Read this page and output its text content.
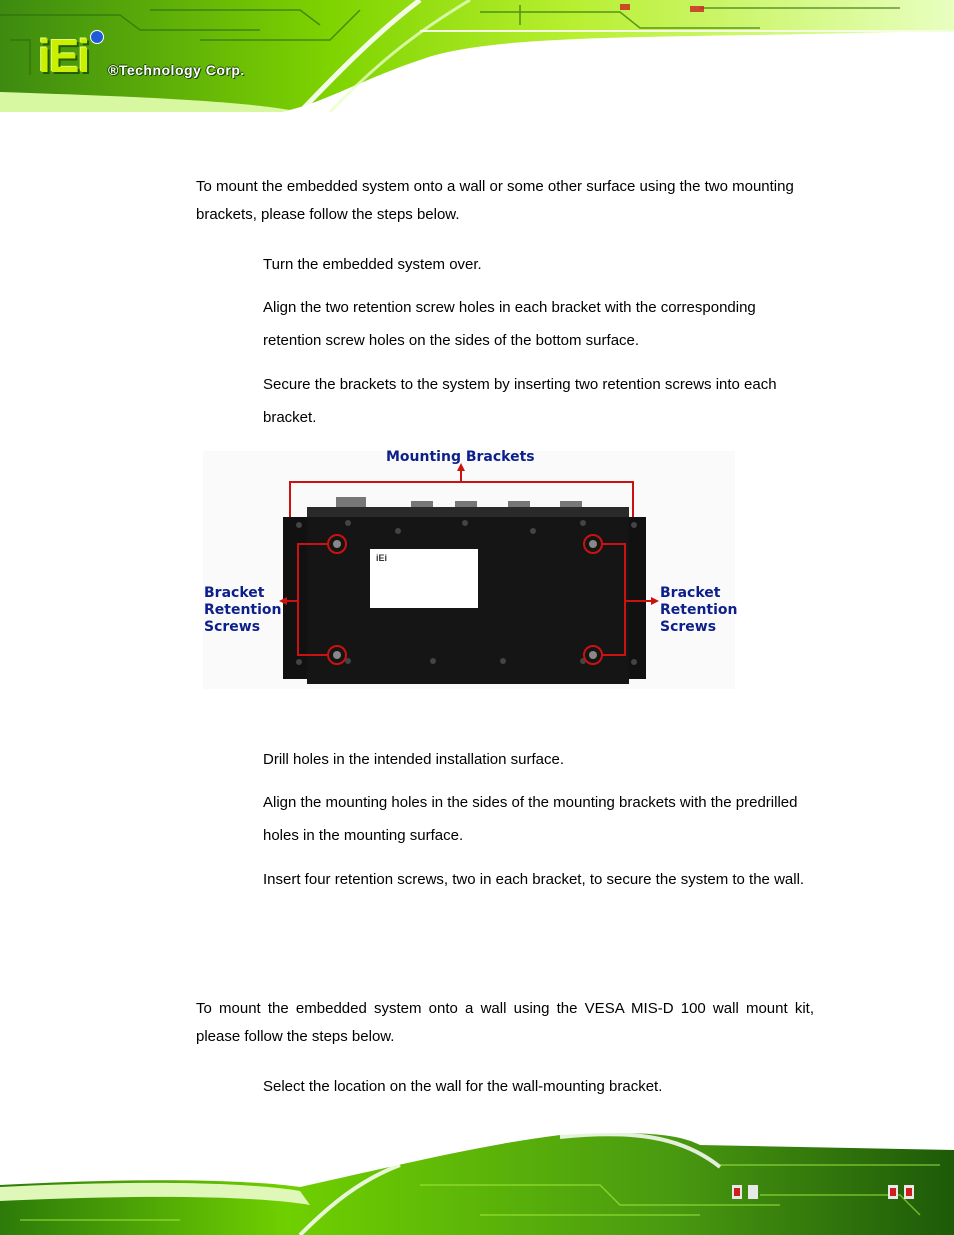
iEi ®Technology Corp.

To mount the embedded system onto a wall or some other surface using the two mounting brackets, please follow the steps below.

Turn the embedded system over.

Align the two retention screw holes in each bracket with the corresponding retention screw holes on the sides of the bottom surface.

Secure the brackets to the system by inserting two retention screws into each bracket.

iEi
Mounting Brackets
Bracket
Retention
Screws
Bracket
Retention
Screws

Drill holes in the intended installation surface.

Align the mounting holes in the sides of the mounting brackets with the predrilled holes in the mounting surface.

Insert four retention screws, two in each bracket, to secure the system to the wall.

To mount the embedded system onto a wall using the VESA MIS-D 100 wall mount kit, please follow the steps below.

Select the location on the wall for the wall-mounting bracket.
